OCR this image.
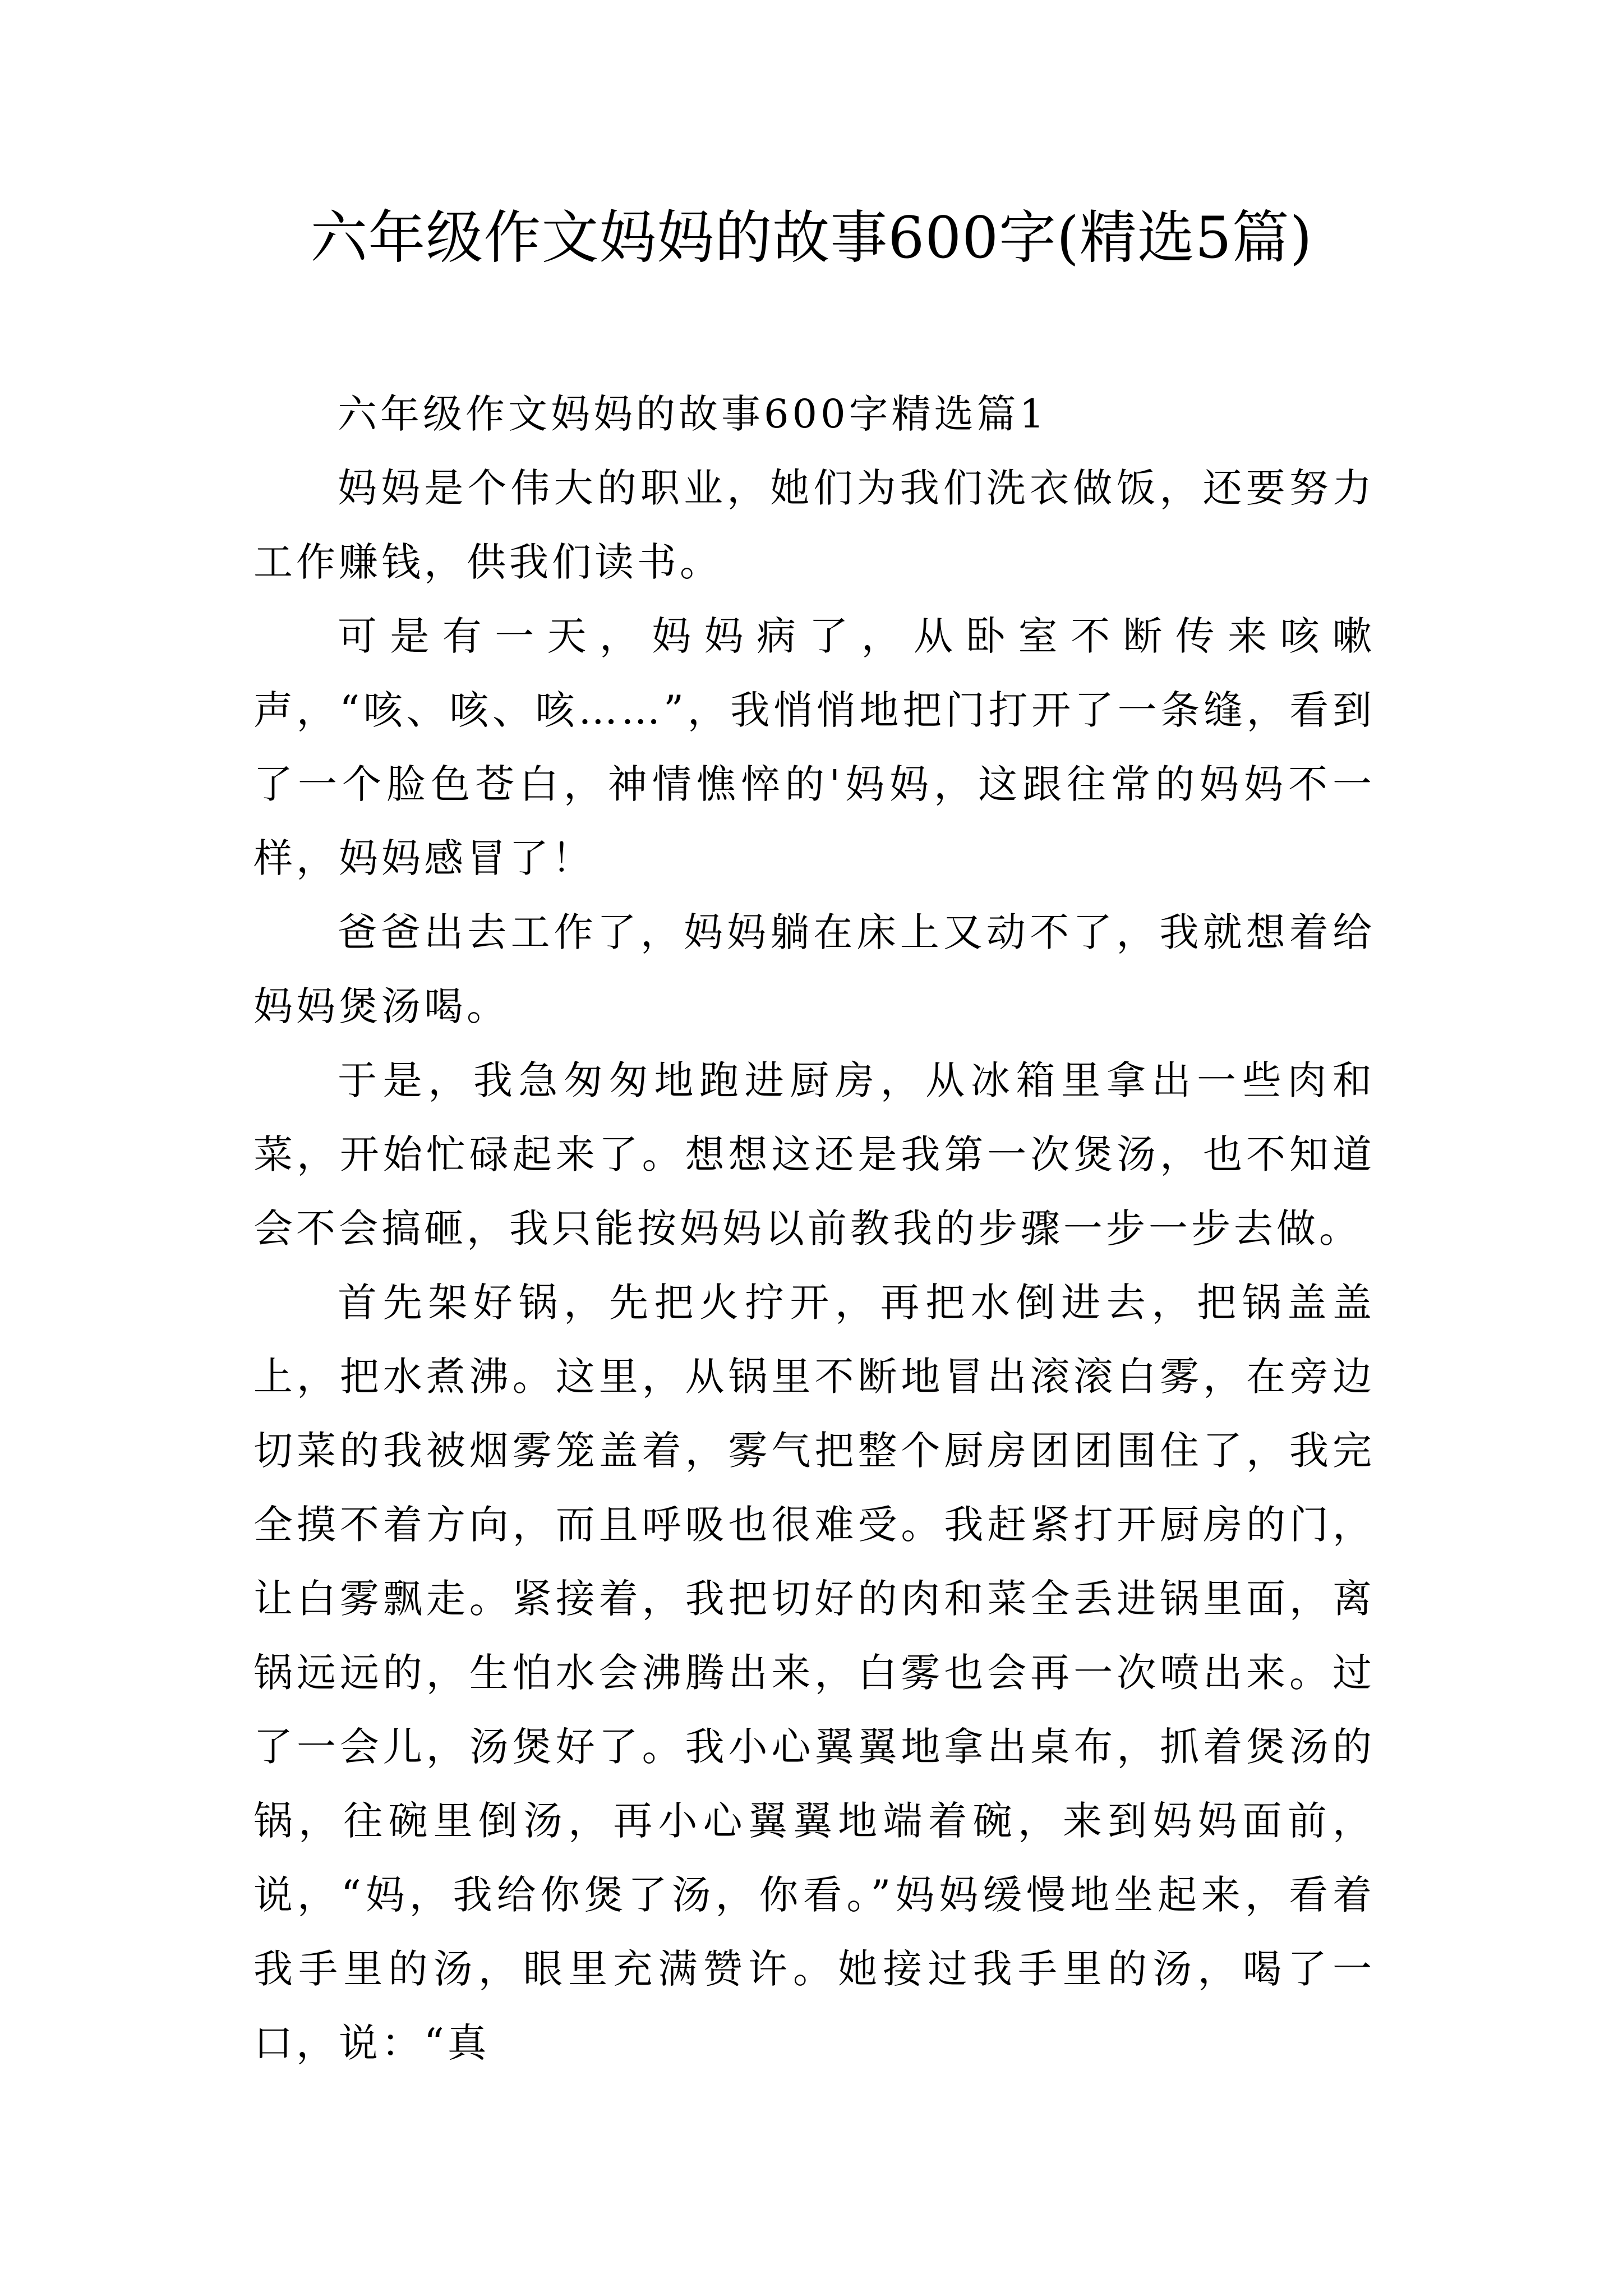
六年级作文妈妈的故事600字(精选5篇)

六年级作文妈妈的故事600字精选篇1

妈妈是个伟大的职业，她们为我们洗衣做饭，还要努力工作赚钱，供我们读书。

可是有一天，妈妈病了，从卧室不断传来咳嗽声，“咳、咳、咳……”，我悄悄地把门打开了一条缝，看到了一个脸色苍白，神情憔悴的'妈妈，这跟往常的妈妈不一样，妈妈感冒了！

爸爸出去工作了，妈妈躺在床上又动不了，我就想着给妈妈煲汤喝。

于是，我急匆匆地跑进厨房，从冰箱里拿出一些肉和菜，开始忙碌起来了。想想这还是我第一次煲汤，也不知道会不会搞砸，我只能按妈妈以前教我的步骤一步一步去做。

首先架好锅，先把火拧开，再把水倒进去，把锅盖盖上，把水煮沸。这里，从锅里不断地冒出滚滚白雾，在旁边切菜的我被烟雾笼盖着，雾气把整个厨房团团围住了，我完全摸不着方向，而且呼吸也很难受。我赶紧打开厨房的门，让白雾飘走。紧接着，我把切好的肉和菜全丢进锅里面，离锅远远的，生怕水会沸腾出来，白雾也会再一次喷出来。过了一会儿，汤煲好了。我小心翼翼地拿出桌布，抓着煲汤的锅，往碗里倒汤，再小心翼翼地端着碗，来到妈妈面前，说，“妈，我给你煲了汤，你看。”妈妈缓慢地坐起来，看着我手里的汤，眼里充满赞许。她接过我手里的汤，喝了一口，说：“真
